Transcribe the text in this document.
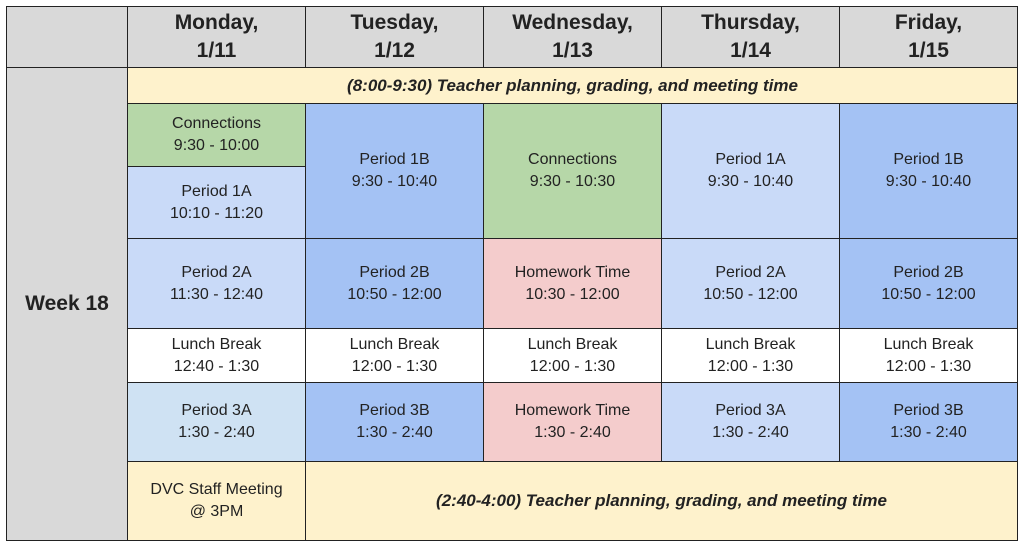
Monday,
1/11
Tuesday,
1/12
Wednesday,
1/13
Thursday,
1/14
Friday,
1/15
Week 18
(8:00-9:30) Teacher planning, grading, and meeting time
Connections
9:30 - 10:00
Period 1A
10:10 - 11:20
Period 2A
11:30 - 12:40
Lunch Break
12:40 - 1:30
Period 3A
1:30 - 2:40
DVC Staff Meeting
@ 3PM
Period 1B
9:30 - 10:40
Period 2B
10:50 - 12:00
Lunch Break
12:00 - 1:30
Period 3B
1:30 - 2:40
Connections
9:30 - 10:30
Homework Time
10:30 - 12:00
Lunch Break
12:00 - 1:30
Homework Time
1:30 - 2:40
Period 1A
9:30 - 10:40
Period 2A
10:50 - 12:00
Lunch Break
12:00 - 1:30
Period 3A
1:30 - 2:40
Period 1B
9:30 - 10:40
Period 2B
10:50 - 12:00
Lunch Break
12:00 - 1:30
Period 3B
1:30 - 2:40
(2:40-4:00) Teacher planning, grading, and meeting time
